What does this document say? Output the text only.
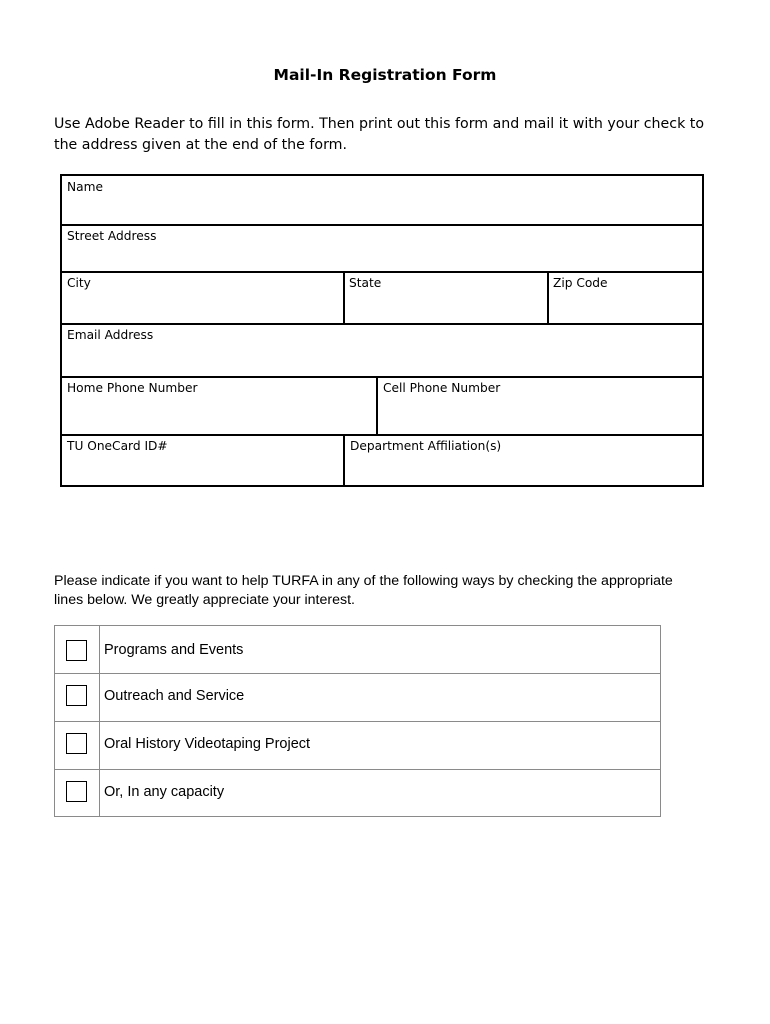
Mail-In Registration Form
Use Adobe Reader to fill in this form. Then print out this form and mail it with your check to
the address given at the end of the form.
Name
Street Address
City	State	Zip Code
Email Address
Home Phone Number	Cell Phone Number
TU OneCard ID#	Department Affiliation(s)
Please indicate if you want to help TURFA in any of the following ways by checking the appropriate
lines below. We greatly appreciate your interest.
Programs and Events
Outreach and Service
Oral History Videotaping Project
Or, In any capacity
